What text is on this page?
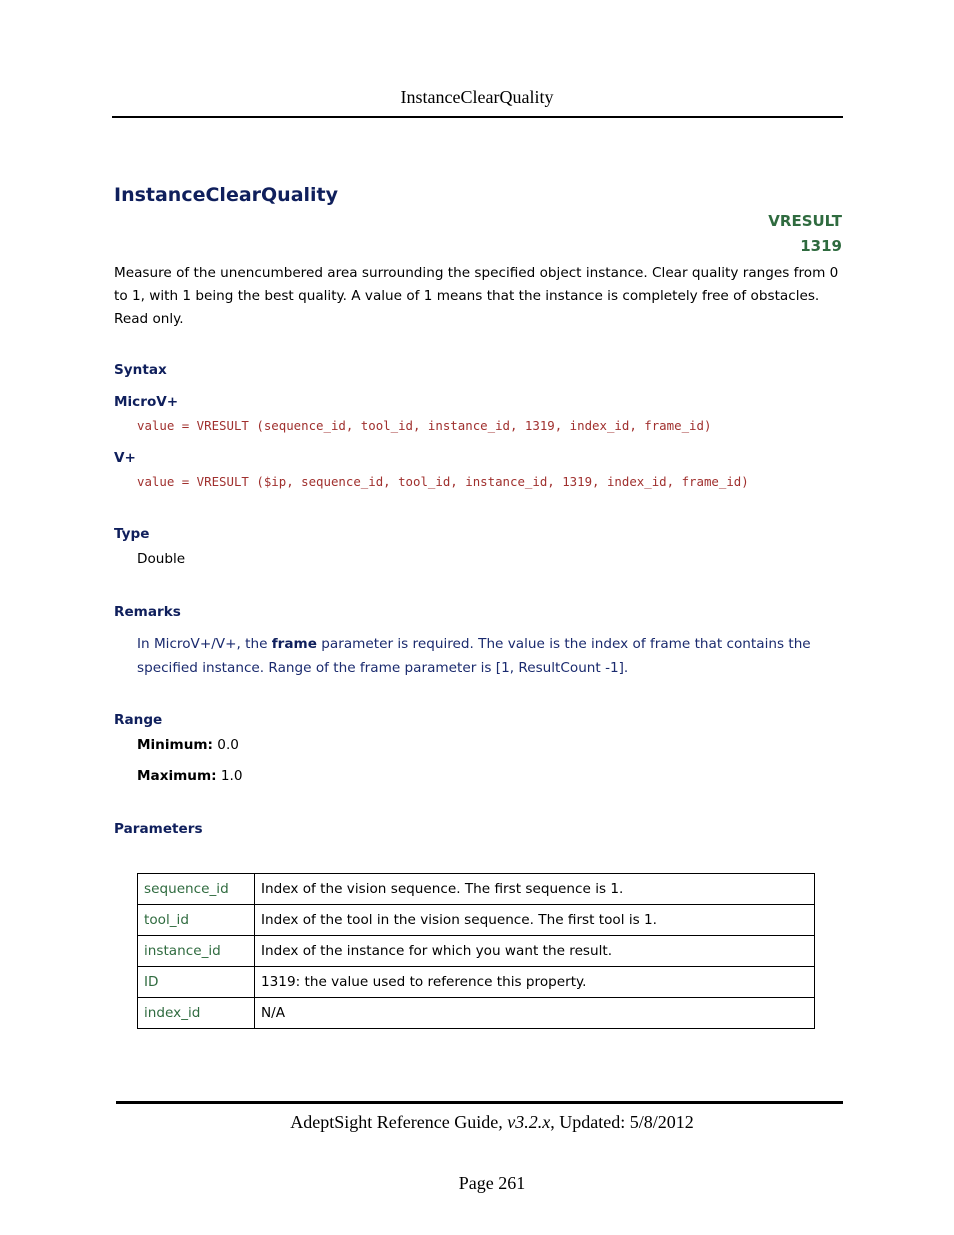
InstanceClearQuality
InstanceClearQuality
VRESULT
1319
Measure of the unencumbered area surrounding the specified object instance. Clear quality ranges from 0 to 1, with 1 being the best quality. A value of 1 means that the instance is completely free of obstacles. Read only.
Syntax
MicroV+
value = VRESULT (sequence_id, tool_id, instance_id, 1319, index_id, frame_id)
V+
value = VRESULT ($ip, sequence_id, tool_id, instance_id, 1319, index_id, frame_id)
Type
Double
Remarks
In MicroV+/V+, the frame parameter is required. The value is the index of frame that contains the specified instance. Range of the frame parameter is [1, ResultCount -1].
Range
Minimum: 0.0
Maximum: 1.0
Parameters
sequence_id	Index of the vision sequence. The first sequence is 1.
tool_id	Index of the tool in the vision sequence. The first tool is 1.
instance_id	Index of the instance for which you want the result.
ID	1319: the value used to reference this property.
index_id	N/A
AdeptSight Reference Guide, v3.2.x, Updated: 5/8/2012
Page 261
